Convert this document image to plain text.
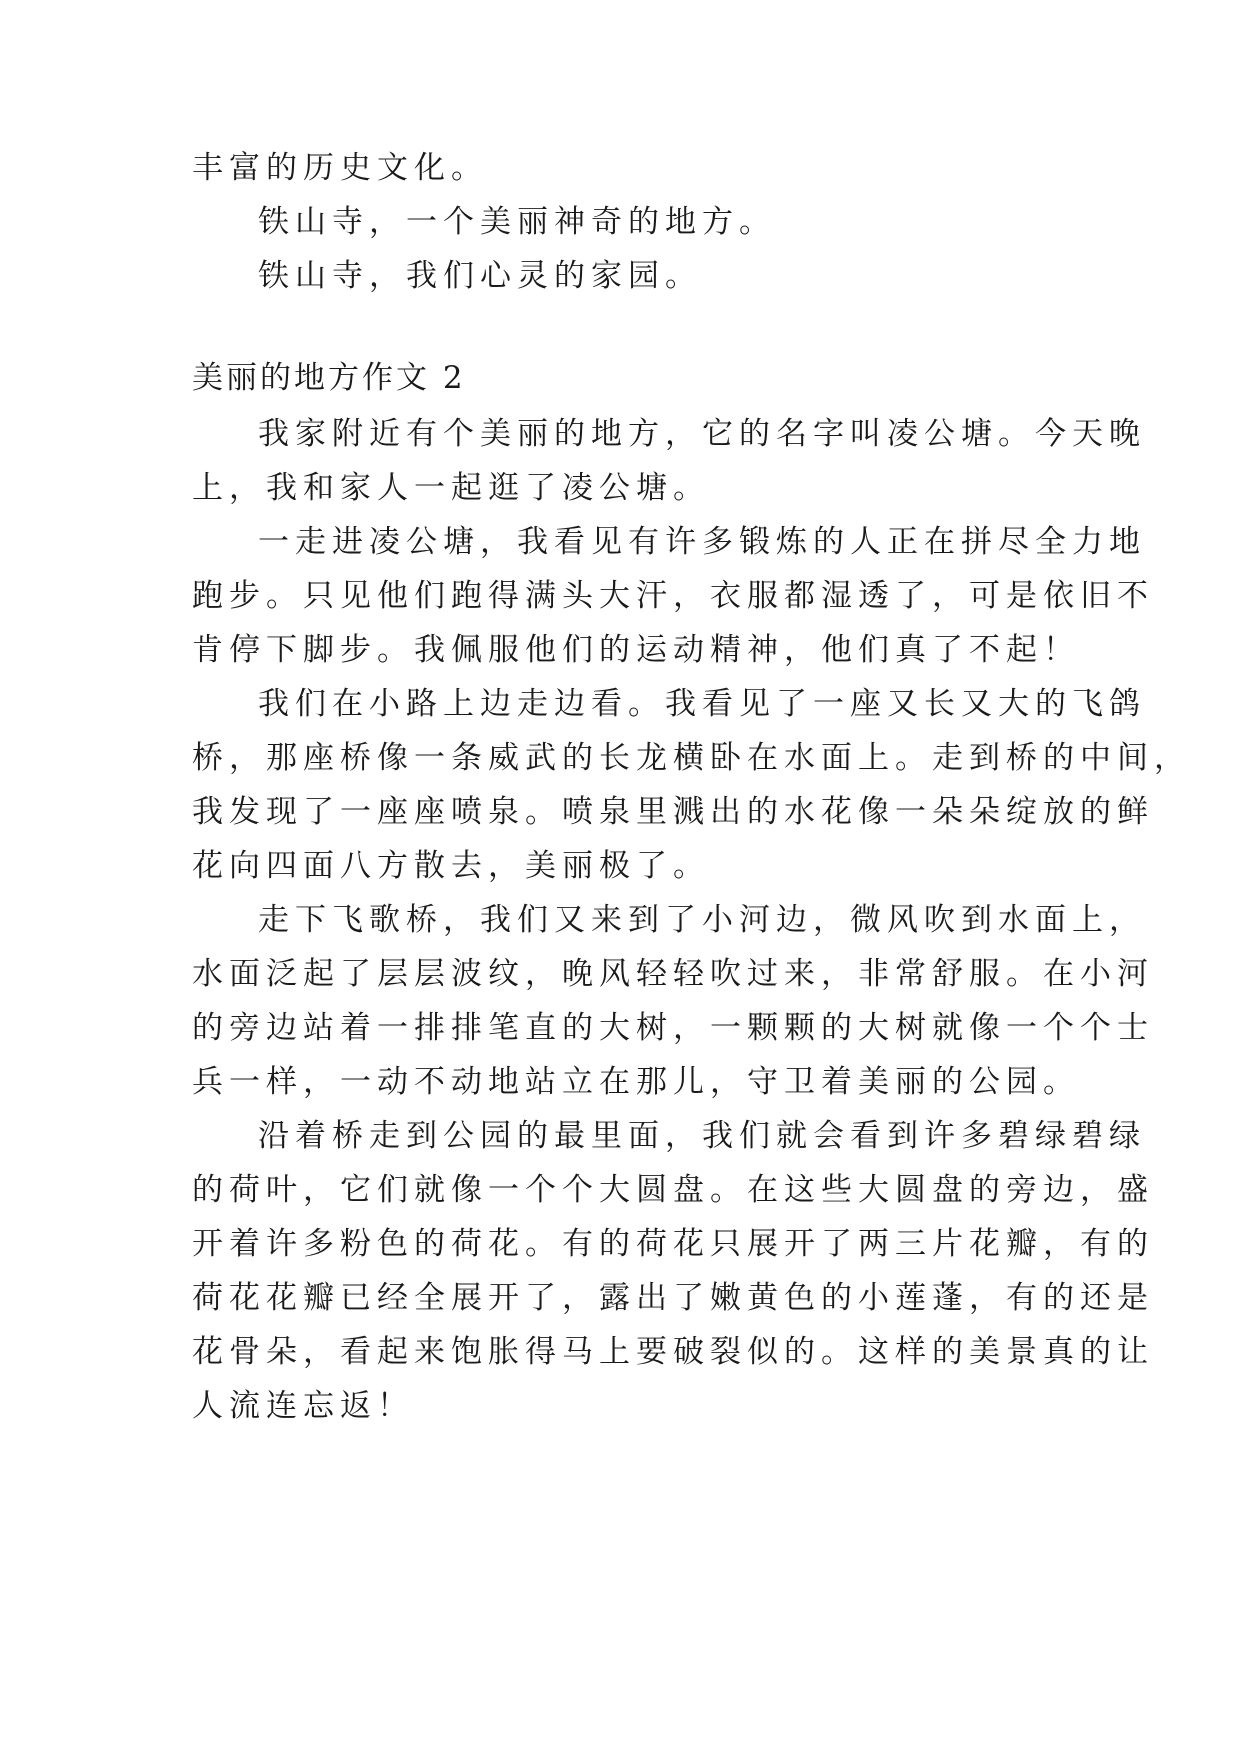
丰富的历史文化。
铁山寺，一个美丽神奇的地方。
铁山寺，我们心灵的家园。
美丽的地方作文 2
我家附近有个美丽的地方，它的名字叫凌公塘。今天晚
上，我和家人一起逛了凌公塘。
一走进凌公塘，我看见有许多锻炼的人正在拼尽全力地
跑步。只见他们跑得满头大汗，衣服都湿透了，可是依旧不
肯停下脚步。我佩服他们的运动精神，他们真了不起！
我们在小路上边走边看。我看见了一座又长又大的飞鸽
桥，那座桥像一条威武的长龙横卧在水面上。走到桥的中间，
我发现了一座座喷泉。喷泉里溅出的水花像一朵朵绽放的鲜
花向四面八方散去，美丽极了。
走下飞歌桥，我们又来到了小河边，微风吹到水面上，
水面泛起了层层波纹，晚风轻轻吹过来，非常舒服。在小河
的旁边站着一排排笔直的大树，一颗颗的大树就像一个个士
兵一样，一动不动地站立在那儿，守卫着美丽的公园。
沿着桥走到公园的最里面，我们就会看到许多碧绿碧绿
的荷叶，它们就像一个个大圆盘。在这些大圆盘的旁边，盛
开着许多粉色的荷花。有的荷花只展开了两三片花瓣，有的
荷花花瓣已经全展开了，露出了嫩黄色的小莲蓬，有的还是
花骨朵，看起来饱胀得马上要破裂似的。这样的美景真的让
人流连忘返！
